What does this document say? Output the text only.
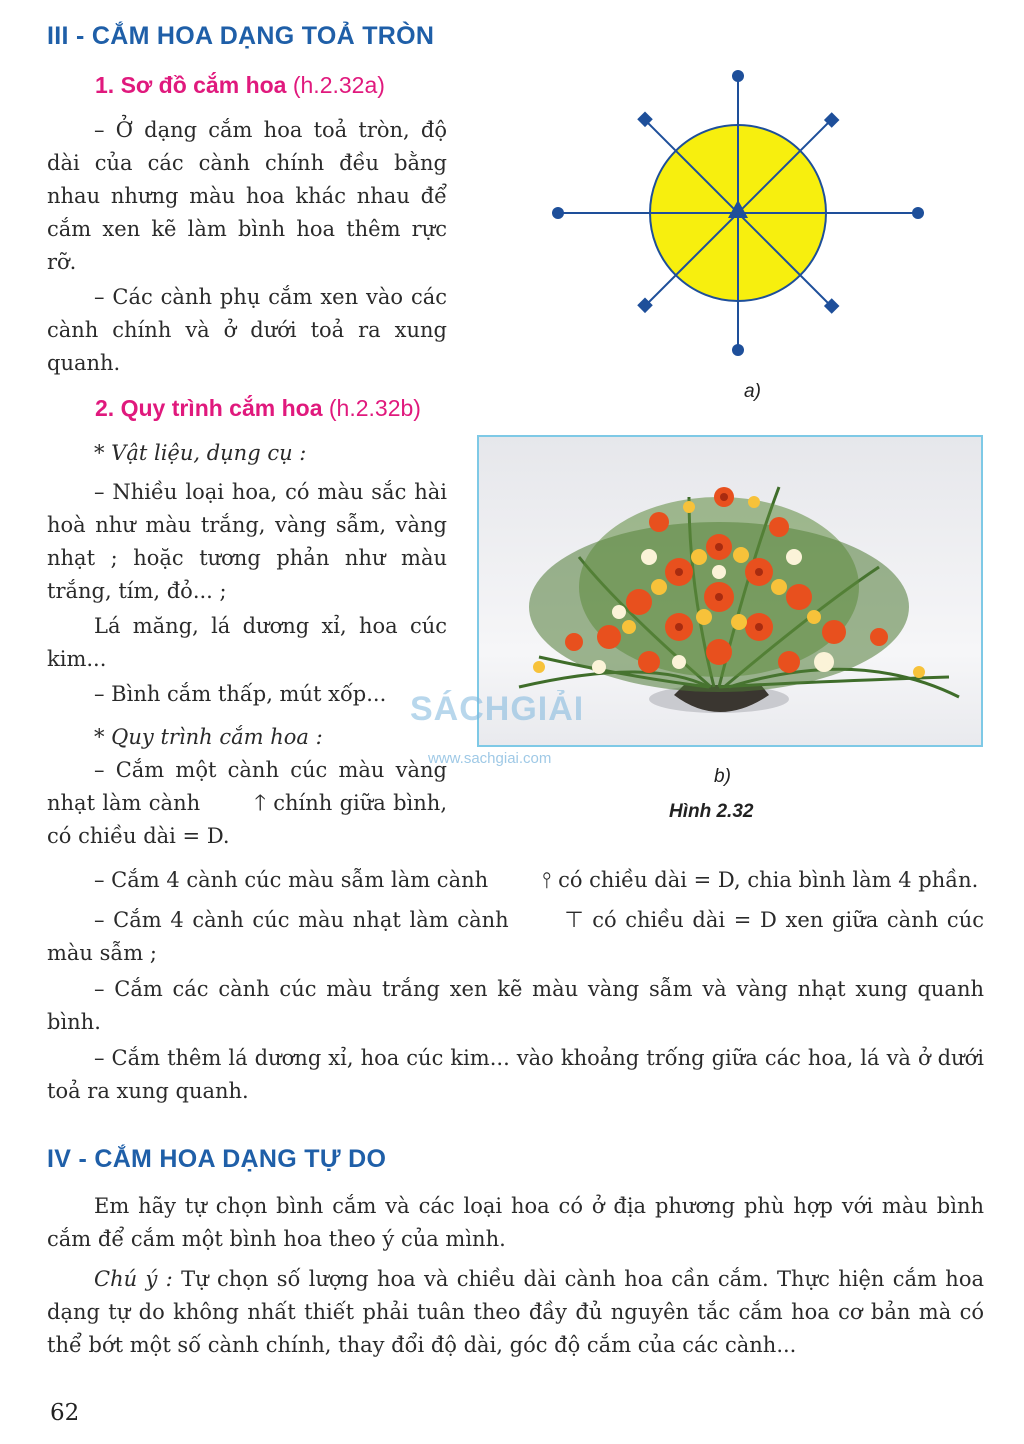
III - CẮM HOA DẠNG TOẢ TRÒN
1. Sơ đồ cắm hoa (h.2.32a)

– Ở dạng cắm hoa toả tròn, độ dài của các cành chính đều bằng nhau nhưng màu hoa khác nhau để cắm xen kẽ làm bình hoa thêm rực rỡ.

– Các cành phụ cắm xen vào các cành chính và ở dưới toả ra xung quanh.

2. Quy trình cắm hoa (h.2.32b)

* Vật liệu, dụng cụ :

– Nhiều loại hoa, có màu sắc hài hoà như màu trắng, vàng sẫm, vàng nhạt ; hoặc tương phản như màu trắng, tím, đỏ... ;

Lá măng, lá dương xỉ, hoa cúc kim...

– Bình cắm thấp, mút xốp...

* Quy trình cắm hoa :

– Cắm một cành cúc màu vàng nhạt làm cành 🡑 chính giữa bình, có chiều dài = D.

– Cắm 4 cành cúc màu sẫm làm cành ⫯ có chiều dài = D, chia bình làm 4 phần.

– Cắm 4 cành cúc màu nhạt làm cành	⊤ có chiều dài = D xen giữa cành cúc màu sẫm ;

– Cắm các cành cúc màu trắng xen kẽ màu vàng sẫm và vàng nhạt xung quanh bình.

– Cắm thêm lá dương xỉ, hoa cúc kim... vào khoảng trống giữa các hoa, lá và ở dưới toả ra xung quanh.

IV - CẮM HOA DẠNG TỰ DO

Em hãy tự chọn bình cắm và các loại hoa có ở địa phương phù hợp với màu bình cắm để cắm một bình hoa theo ý của mình.

Chú ý : Tự chọn số lượng hoa và chiều dài cành hoa cần cắm. Thực hiện cắm hoa dạng tự do không nhất thiết phải tuân theo đầy đủ nguyên tắc cắm hoa cơ bản mà có thể bớt một số cành chính, thay đổi độ dài, góc độ cắm của các cành...

a)
SÁCHGIẢI
www.sachgiai.com
b)
Hình 2.32
62
